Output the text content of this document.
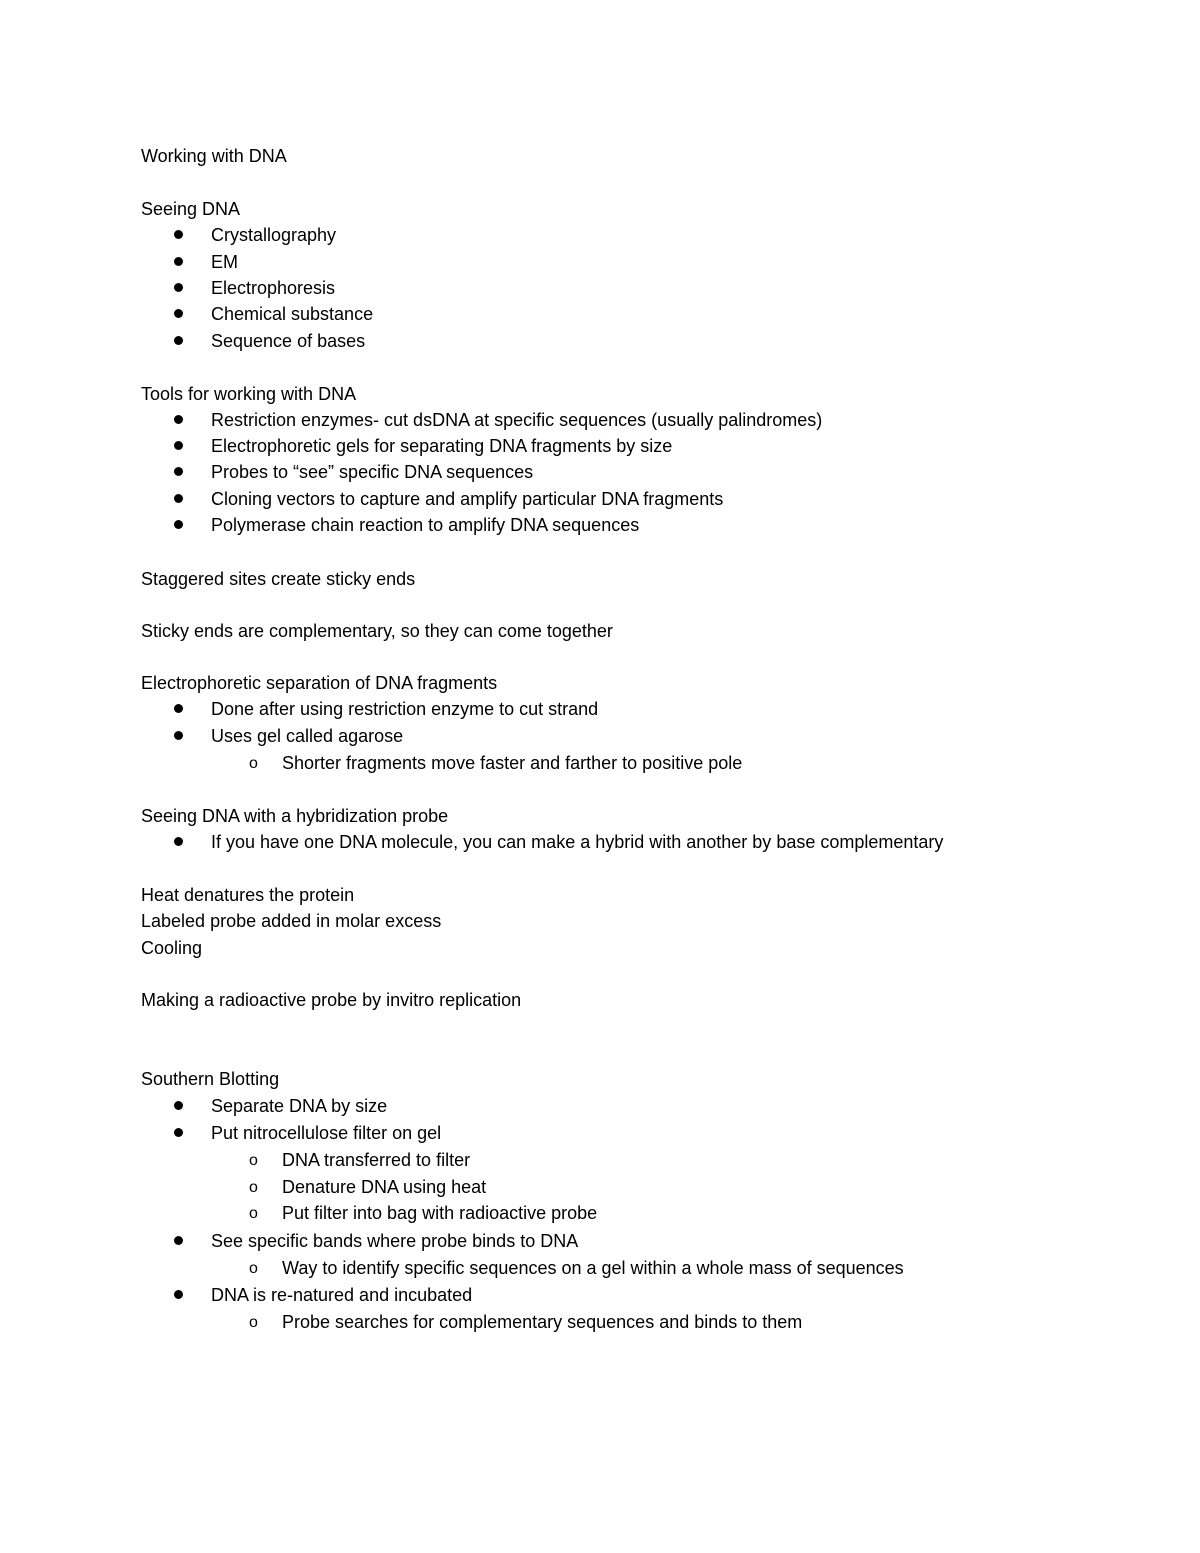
Working with DNA
Seeing DNA
Crystallography
EM
Electrophoresis
Chemical substance
Sequence of bases
Tools for working with DNA
Restriction enzymes- cut dsDNA at specific sequences (usually palindromes)
Electrophoretic gels for separating DNA fragments by size
Probes to “see” specific DNA sequences
Cloning vectors to capture and amplify particular DNA fragments
Polymerase chain reaction to amplify DNA sequences
Staggered sites create sticky ends
Sticky ends are complementary, so they can come together
Electrophoretic separation of DNA fragments
Done after using restriction enzyme to cut strand
Uses gel called agarose
o Shorter fragments move faster and farther to positive pole
Seeing DNA with a hybridization probe
If you have one DNA molecule, you can make a hybrid with another by base complementary
Heat denatures the protein
Labeled probe added in molar excess
Cooling
Making a radioactive probe by invitro replication
Southern Blotting
Separate DNA by size
Put nitrocellulose filter on gel
o DNA transferred to filter
o Denature DNA using heat
o Put filter into bag with radioactive probe
See specific bands where probe binds to DNA
o Way to identify specific sequences on a gel within a whole mass of sequences
DNA is re-natured and incubated
o Probe searches for complementary sequences and binds to them
